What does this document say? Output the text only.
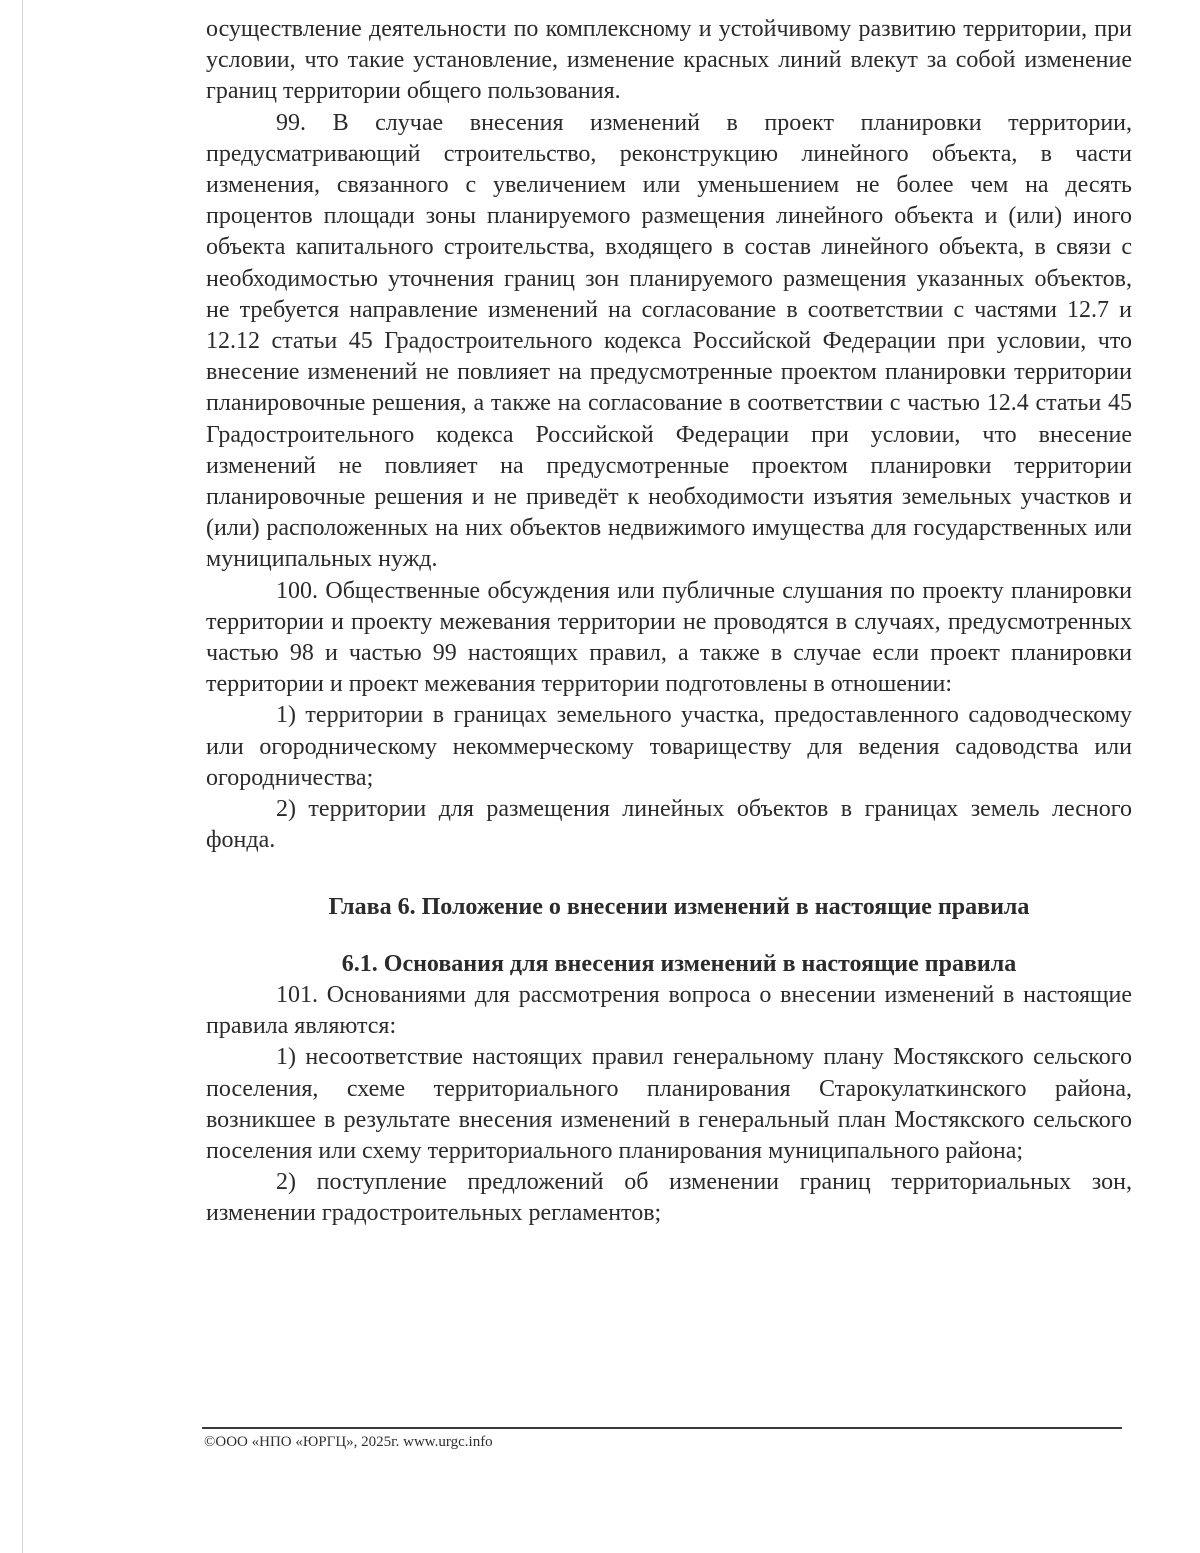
осуществление деятельности по комплексному и устойчивому развитию территории, при условии, что такие установление, изменение красных линий влекут за собой изменение границ территории общего пользования.

99. В случае внесения изменений в проект планировки территории, предусматривающий строительство, реконструкцию линейного объекта, в части изменения, связанного с увеличением или уменьшением не более чем на десять процентов площади зоны планируемого размещения линейного объекта и (или) иного объекта капитального строительства, входящего в состав линейного объекта, в связи с необходимостью уточнения границ зон планируемого размещения указанных объектов, не требуется направление изменений на согласование в соответствии с частями 12.7 и 12.12 статьи 45 Градостроительного кодекса Российской Федерации при условии, что внесение изменений не повлияет на предусмотренные проектом планировки территории планировочные решения, а также на согласование в соответствии с частью 12.4 статьи 45 Градостроительного кодекса Российской Федерации при условии, что внесение изменений не повлияет на предусмотренные проектом планировки территории планировочные решения и не приведёт к необходимости изъятия земельных участков и (или) расположенных на них объектов недвижимого имущества для государственных или муниципальных нужд.

100. Общественные обсуждения или публичные слушания по проекту планировки территории и проекту межевания территории не проводятся в случаях, предусмотренных частью 98 и частью 99 настоящих правил, а также в случае если проект планировки территории и проект межевания территории подготовлены в отношении:

1) территории в границах земельного участка, предоставленного садоводческому или огородническому некоммерческому товариществу для ведения садоводства или огородничества;

2) территории для размещения линейных объектов в границах земель лесного фонда.

Глава 6. Положение о внесении изменений в настоящие правила
6.1. Основания для внесения изменений в настоящие правила

101. Основаниями для рассмотрения вопроса о внесении изменений в настоящие правила являются:

1) несоответствие настоящих правил генеральному плану Мостякского сельского поселения, схеме территориального планирования Старокулаткинского района, возникшее в результате внесения изменений в генеральный план Мостякского сельского поселения или схему территориального планирования муниципального района;

2) поступление предложений об изменении границ территориальных зон, изменении градостроительных регламентов;

©ООО «НПО «ЮРГЦ», 2025г. www.urgc.info
